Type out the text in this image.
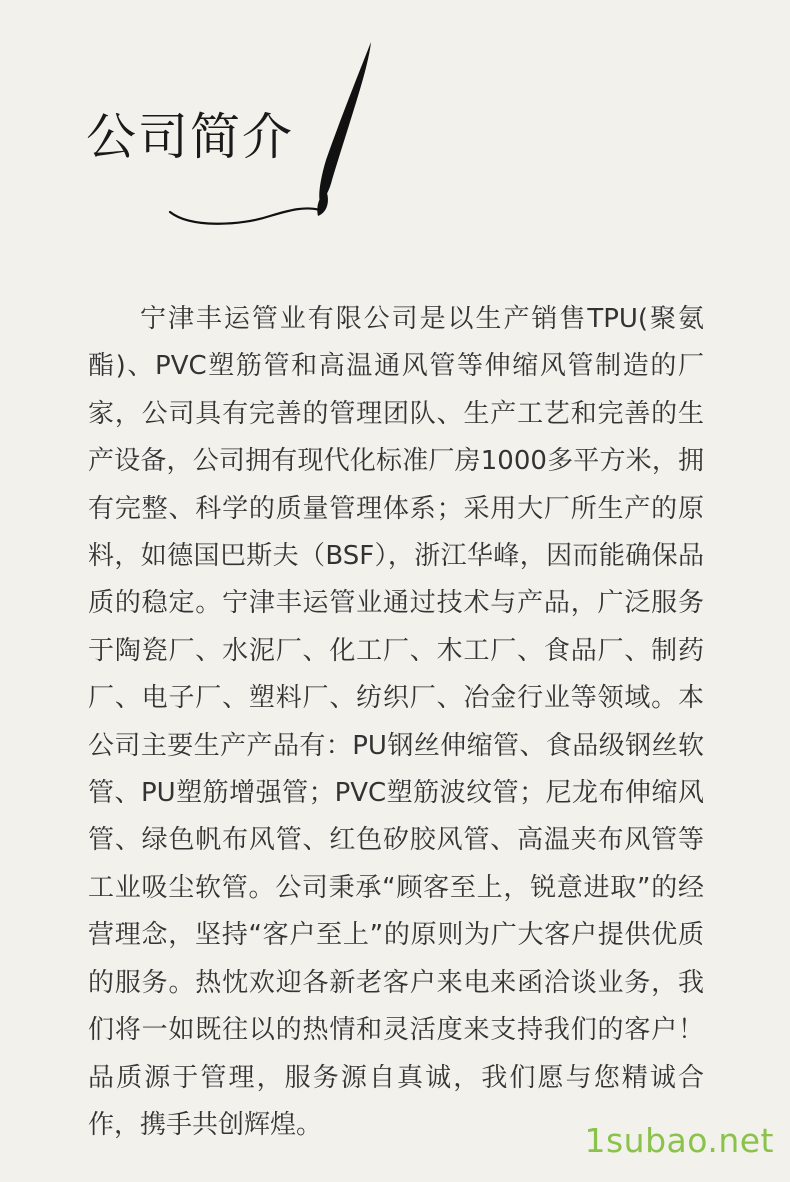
公司简介

宁津丰运管业有限公司是以生产销售TPU(聚氨酯)、PVC塑筋管和高温通风管等伸缩风管制造的厂家，公司具有完善的管理团队、生产工艺和完善的生产设备，公司拥有现代化标准厂房1000多平方米，拥有完整、科学的质量管理体系；采用大厂所生产的原料，如德国巴斯夫（BSF），浙江华峰，因而能确保品质的稳定。宁津丰运管业通过技术与产品，广泛服务于陶瓷厂、水泥厂、化工厂、木工厂、食品厂、制药厂、电子厂、塑料厂、纺织厂、冶金行业等领域。本公司主要生产产品有：PU钢丝伸缩管、食品级钢丝软管、PU塑筋增强管；PVC塑筋波纹管；尼龙布伸缩风管、绿色帆布风管、红色矽胶风管、高温夹布风管等工业吸尘软管。公司秉承“顾客至上，锐意进取”的经营理念，坚持“客户至上”的原则为广大客户提供优质的服务。热忱欢迎各新老客户来电来函洽谈业务，我们将一如既往以的热情和灵活度来支持我们的客户！品质源于管理，服务源自真诚，我们愿与您精诚合作，携手共创辉煌。	1subao.net
